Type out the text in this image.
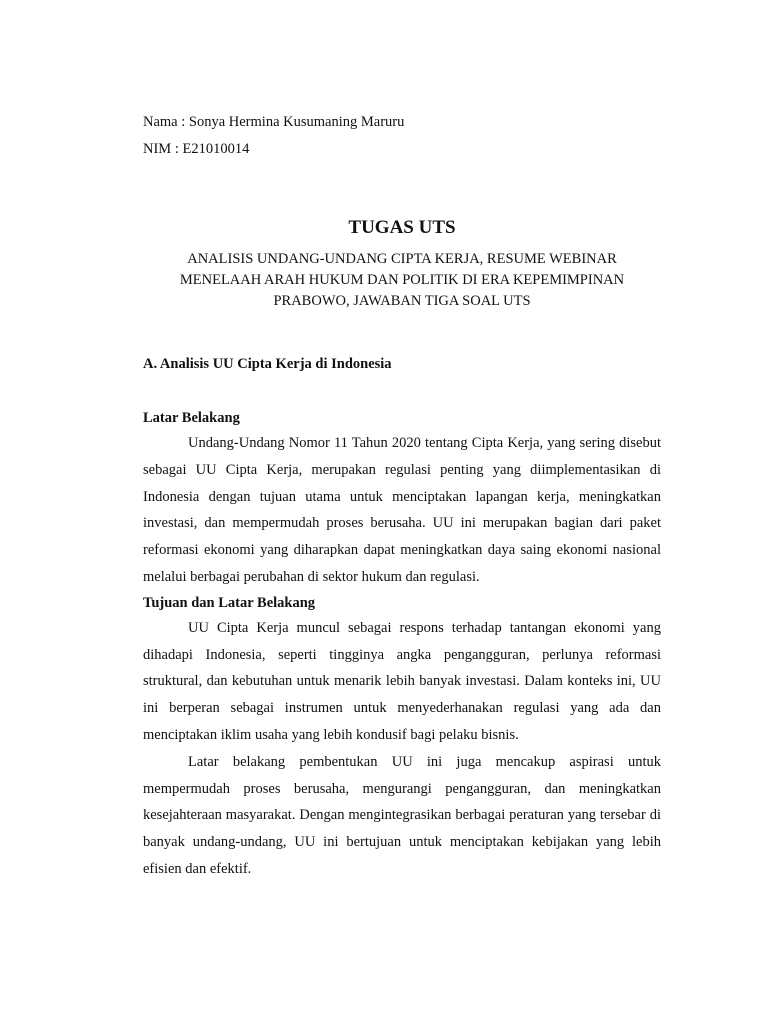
Nama : Sonya Hermina Kusumaning Maruru

NIM : E21010014

TUGAS UTS
ANALISIS UNDANG-UNDANG CIPTA KERJA, RESUME WEBINAR MENELAAH ARAH HUKUM DAN POLITIK DI ERA KEPEMIMPINAN PRABOWO, JAWABAN TIGA SOAL UTS
A. Analisis UU Cipta Kerja di Indonesia
Latar Belakang

Undang-Undang Nomor 11 Tahun 2020 tentang Cipta Kerja, yang sering disebut sebagai UU Cipta Kerja, merupakan regulasi penting yang diimplementasikan di Indonesia dengan tujuan utama untuk menciptakan lapangan kerja, meningkatkan investasi, dan mempermudah proses berusaha. UU ini merupakan bagian dari paket reformasi ekonomi yang diharapkan dapat meningkatkan daya saing ekonomi nasional melalui berbagai perubahan di sektor hukum dan regulasi.

Tujuan dan Latar Belakang

UU Cipta Kerja muncul sebagai respons terhadap tantangan ekonomi yang dihadapi Indonesia, seperti tingginya angka pengangguran, perlunya reformasi struktural, dan kebutuhan untuk menarik lebih banyak investasi. Dalam konteks ini, UU ini berperan sebagai instrumen untuk menyederhanakan regulasi yang ada dan menciptakan iklim usaha yang lebih kondusif bagi pelaku bisnis.

Latar belakang pembentukan UU ini juga mencakup aspirasi untuk mempermudah proses berusaha, mengurangi pengangguran, dan meningkatkan kesejahteraan masyarakat. Dengan mengintegrasikan berbagai peraturan yang tersebar di banyak undang-undang, UU ini bertujuan untuk menciptakan kebijakan yang lebih efisien dan efektif.
